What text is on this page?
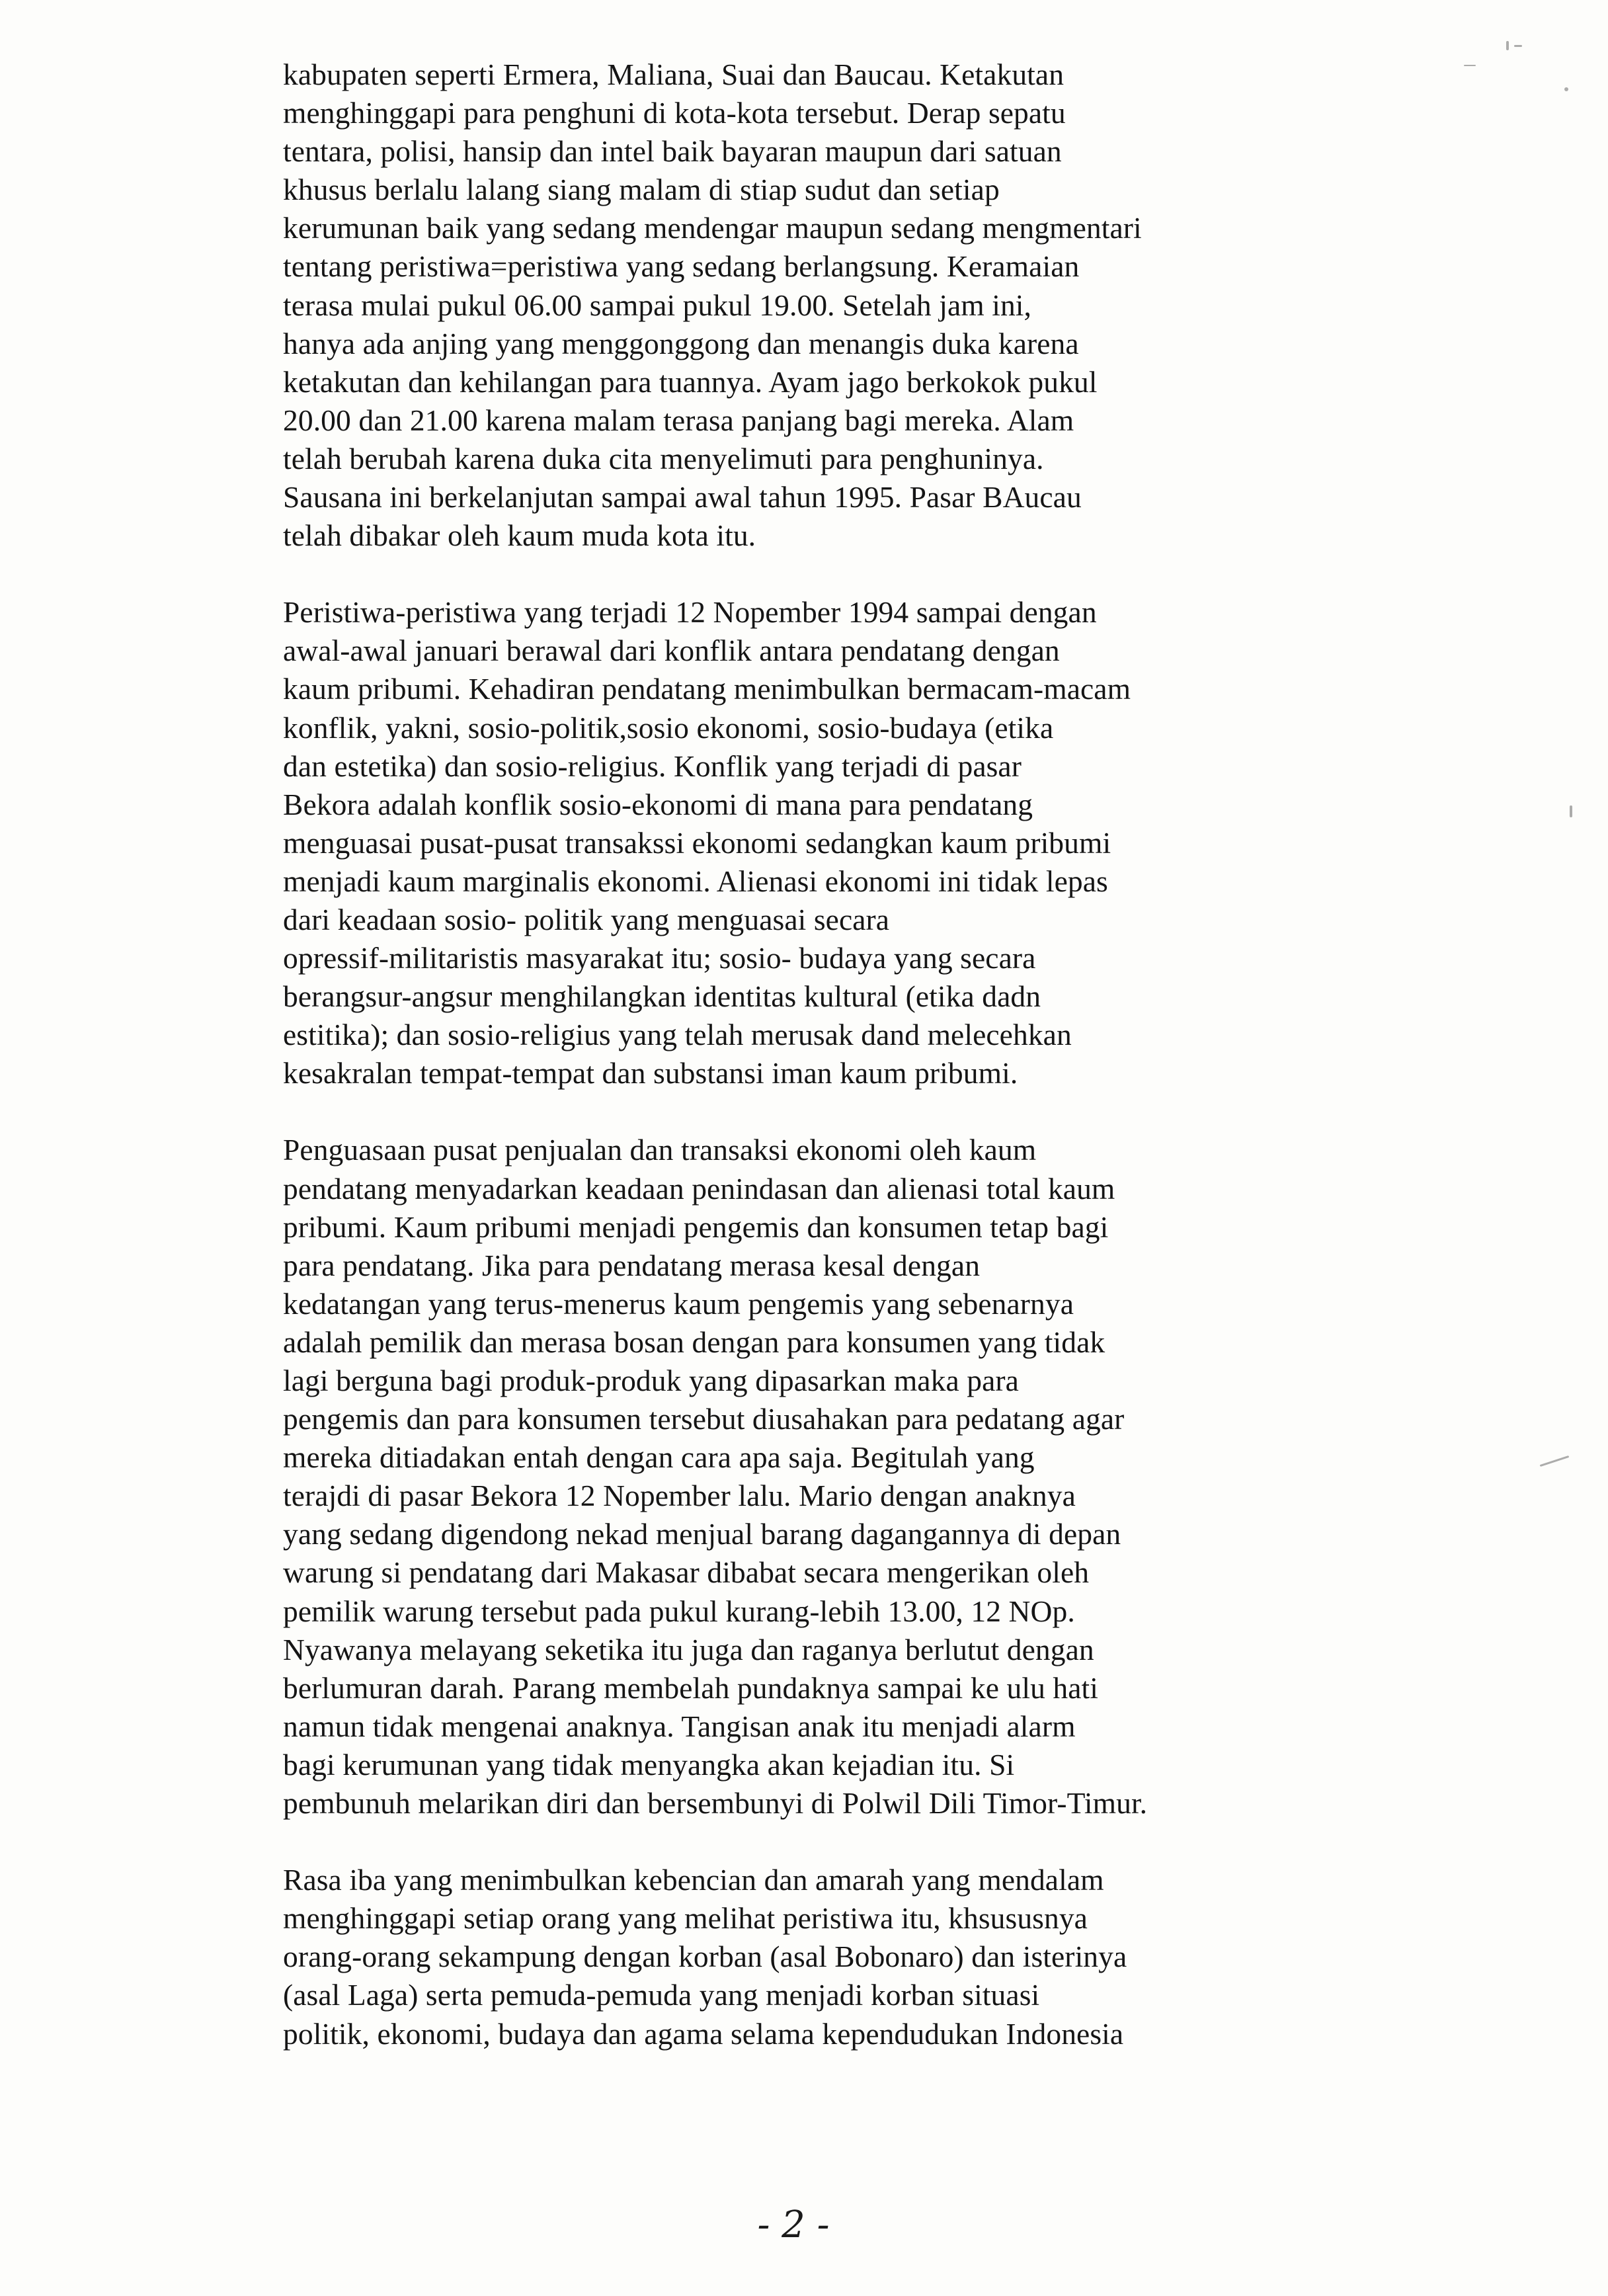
kabupaten seperti Ermera, Maliana, Suai dan Baucau. Ketakutan
menghinggapi para penghuni di kota-kota tersebut. Derap sepatu
tentara, polisi, hansip dan intel baik bayaran maupun dari satuan
khusus berlalu lalang siang malam di stiap sudut dan setiap
kerumunan baik yang sedang mendengar maupun sedang mengmentari
tentang peristiwa=peristiwa yang sedang berlangsung. Keramaian
terasa mulai pukul 06.00 sampai pukul 19.00. Setelah jam ini,
hanya ada anjing yang menggonggong dan menangis duka karena
ketakutan dan kehilangan para tuannya. Ayam jago berkokok pukul
20.00 dan 21.00 karena malam terasa panjang bagi mereka. Alam
telah berubah karena duka cita menyelimuti para penghuninya.
Sausana ini berkelanjutan sampai awal tahun 1995. Pasar BAucau
telah dibakar oleh kaum muda kota itu.
Peristiwa-peristiwa yang terjadi 12 Nopember 1994 sampai dengan
awal-awal januari berawal dari konflik antara pendatang dengan
kaum pribumi. Kehadiran pendatang menimbulkan bermacam-macam
konflik, yakni, sosio-politik,sosio ekonomi, sosio-budaya (etika
dan estetika) dan sosio-religius. Konflik yang terjadi di pasar
Bekora adalah konflik sosio-ekonomi di mana para pendatang
menguasai pusat-pusat transakssi ekonomi sedangkan kaum pribumi
menjadi kaum marginalis ekonomi. Alienasi ekonomi ini tidak lepas
dari keadaan sosio- politik yang menguasai secara
opressif-militaristis masyarakat itu; sosio- budaya yang secara
berangsur-angsur menghilangkan identitas kultural (etika dadn
estitika); dan sosio-religius yang telah merusak dand melecehkan
kesakralan tempat-tempat dan substansi iman kaum pribumi.
Penguasaan pusat penjualan dan transaksi ekonomi oleh kaum
pendatang menyadarkan keadaan penindasan dan alienasi total kaum
pribumi. Kaum pribumi menjadi pengemis dan konsumen tetap bagi
para pendatang. Jika para pendatang merasa kesal dengan
kedatangan yang terus-menerus kaum pengemis yang sebenarnya
adalah pemilik dan merasa bosan dengan para konsumen yang tidak
lagi berguna bagi produk-produk yang dipasarkan maka para
pengemis dan para konsumen tersebut diusahakan para pedatang agar
mereka ditiadakan entah dengan cara apa saja. Begitulah yang
terajdi di pasar Bekora 12 Nopember lalu. Mario dengan anaknya
yang sedang digendong nekad menjual barang dagangannya di depan
warung si pendatang dari Makasar dibabat secara mengerikan oleh
pemilik warung tersebut pada pukul kurang-lebih 13.00, 12 NOp.
Nyawanya melayang seketika itu juga dan raganya berlutut dengan
berlumuran darah. Parang membelah pundaknya sampai ke ulu hati
namun tidak mengenai anaknya. Tangisan anak itu menjadi alarm
bagi kerumunan yang tidak menyangka akan kejadian itu. Si
pembunuh melarikan diri dan bersembunyi di Polwil Dili Timor-Timur.
Rasa iba yang menimbulkan kebencian dan amarah yang mendalam
menghinggapi setiap orang yang melihat peristiwa itu, khsususnya
orang-orang sekampung dengan korban (asal Bobonaro) dan isterinya
(asal Laga) serta pemuda-pemuda yang menjadi korban situasi
politik, ekonomi, budaya dan agama selama kependudukan Indonesia
- 2 -
